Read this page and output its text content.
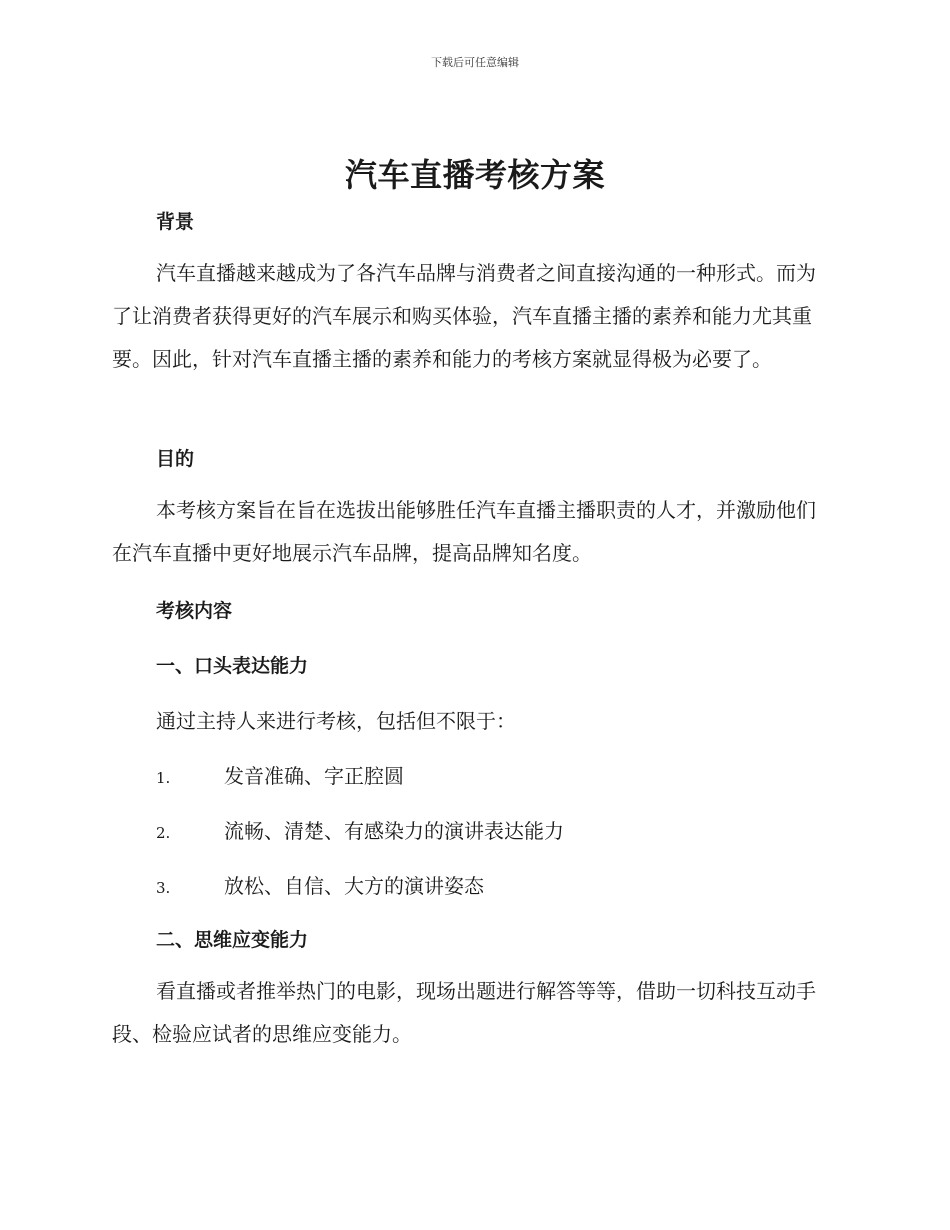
下载后可任意编辑
汽车直播考核方案
背景
汽车直播越来越成为了各汽车品牌与消费者之间直接沟通的一种形式。而为了让消费者获得更好的汽车展示和购买体验，汽车直播主播的素养和能力尤其重要。因此，针对汽车直播主播的素养和能力的考核方案就显得极为必要了。
目的
本考核方案旨在旨在选拔出能够胜任汽车直播主播职责的人才，并激励他们在汽车直播中更好地展示汽车品牌，提高品牌知名度。
考核内容
一、口头表达能力
通过主持人来进行考核，包括但不限于：
1.	发音准确、字正腔圆
2.	流畅、清楚、有感染力的演讲表达能力
3.	放松、自信、大方的演讲姿态
二、思维应变能力
看直播或者推举热门的电影，现场出题进行解答等等，借助一切科技互动手段、检验应试者的思维应变能力。
